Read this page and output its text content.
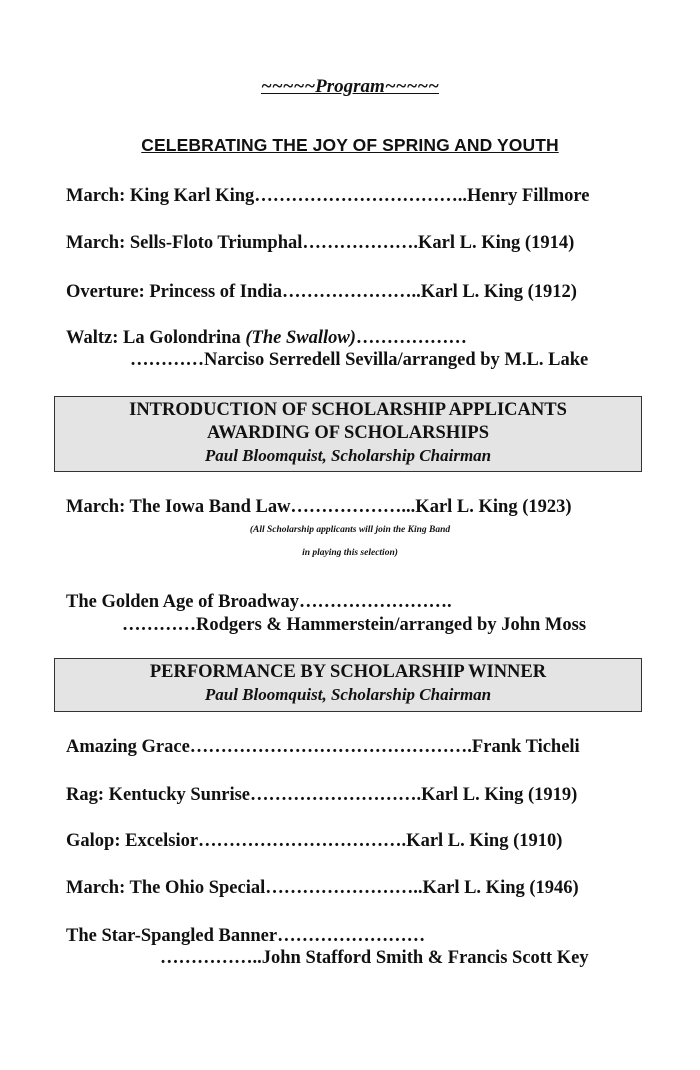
~~~~~Program~~~~~
CELEBRATING THE JOY OF SPRING AND YOUTH
March: King Karl King……………………………..Henry Fillmore
March: Sells-Floto Triumphal……………….Karl L. King (1914)
Overture: Princess of India…………………..Karl L. King (1912)
Waltz: La Golondrina (The Swallow)………………
…………Narciso Serredell Sevilla/arranged by M.L. Lake
INTRODUCTION OF SCHOLARSHIP APPLICANTS
AWARDING OF SCHOLARSHIPS
Paul Bloomquist, Scholarship Chairman
March: The Iowa Band Law………………...Karl L. King (1923)
(All Scholarship applicants will join the King Band
in playing this selection)
The Golden Age of Broadway…………………….
…………Rodgers & Hammerstein/arranged by John Moss
PERFORMANCE BY SCHOLARSHIP WINNER
Paul Bloomquist, Scholarship Chairman
Amazing Grace……………………………………….Frank Ticheli
Rag: Kentucky Sunrise……………………….Karl L. King (1919)
Galop: Excelsior…………………………….Karl L. King (1910)
March: The Ohio Special……………………..Karl L. King (1946)
The Star-Spangled Banner……………………
……………..John Stafford Smith & Francis Scott Key
